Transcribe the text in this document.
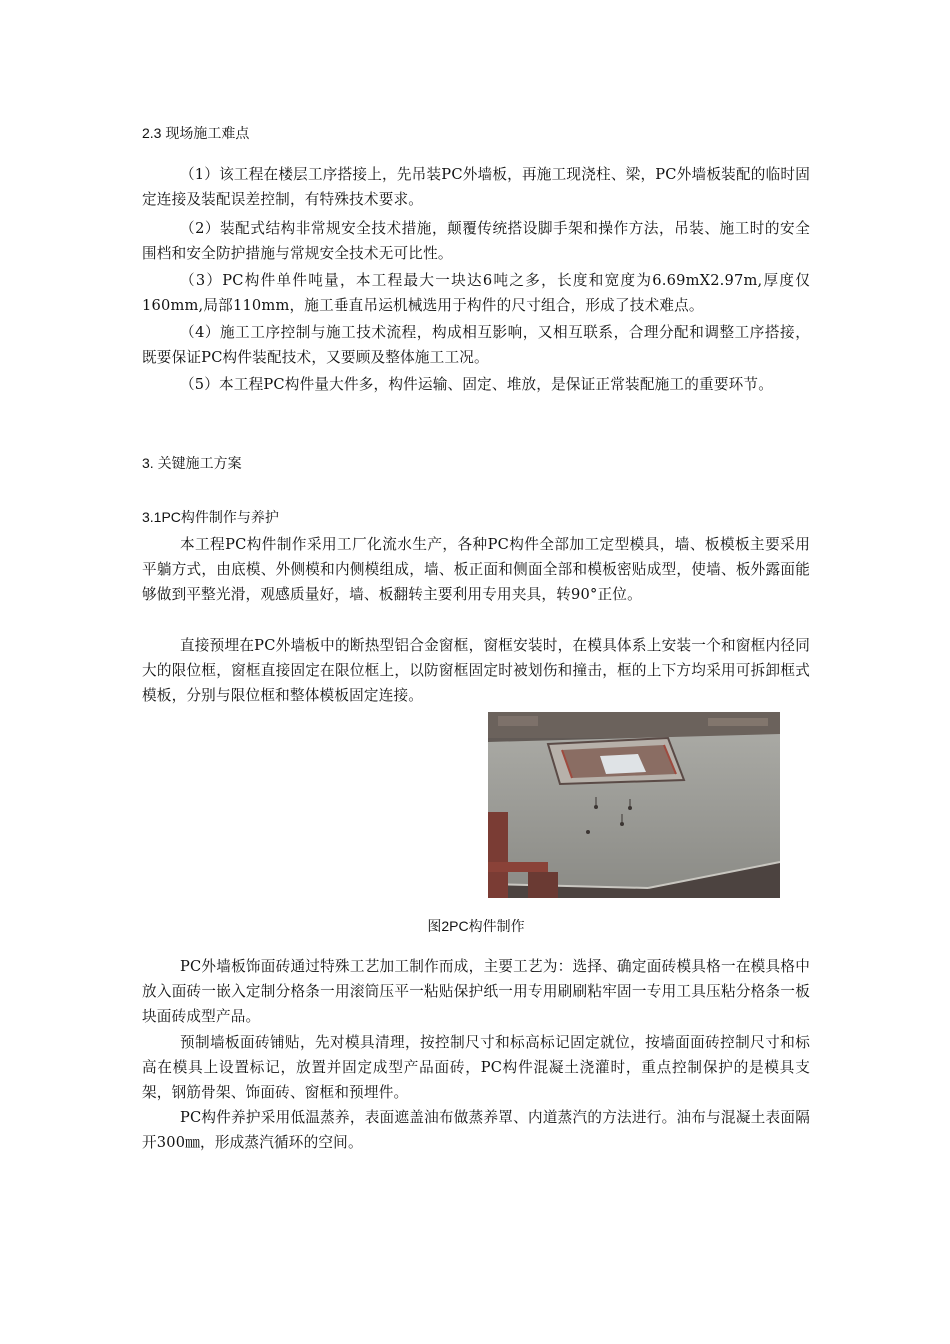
2.3 现场施工难点
（1）该工程在楼层工序搭接上，先吊装PC外墙板，再施工现浇柱、梁，PC外墙板装配的临时固定连接及装配误差控制，有特殊技术要求。
（2）装配式结构非常规安全技术措施，颠覆传统搭设脚手架和操作方法，吊装、施工时的安全围档和安全防护措施与常规安全技术无可比性。
（3）PC构件单件吨量，本工程最大一块达6吨之多，长度和宽度为6.69mX2.97m,厚度仅160mm,局部110mm，施工垂直吊运机械选用于构件的尺寸组合，形成了技术难点。
（4）施工工序控制与施工技术流程，构成相互影响，又相互联系，合理分配和调整工序搭接，既要保证PC构件装配技术，又要顾及整体施工工况。
（5）本工程PC构件量大件多，构件运输、固定、堆放，是保证正常装配施工的重要环节。
3. 关键施工方案
3.1PC构件制作与养护
本工程PC构件制作采用工厂化流水生产，各种PC构件全部加工定型模具，墙、板模板主要采用平躺方式，由底模、外侧模和内侧模组成，墙、板正面和侧面全部和模板密贴成型，使墙、板外露面能够做到平整光滑，观感质量好，墙、板翻转主要利用专用夹具，转90°正位。
直接预埋在PC外墙板中的断热型铝合金窗框，窗框安装时，在模具体系上安装一个和窗框内径同大的限位框，窗框直接固定在限位框上，以防窗框固定时被划伤和撞击，框的上下方均采用可拆卸框式模板，分别与限位框和整体模板固定连接。
图2PC构件制作
PC外墙板饰面砖通过特殊工艺加工制作而成，主要工艺为：选择、确定面砖模具格一在模具格中放入面砖一嵌入定制分格条一用滚筒压平一粘贴保护纸一用专用刷刷粘牢固一专用工具压粘分格条一板块面砖成型产品。
预制墙板面砖铺贴，先对模具清理，按控制尺寸和标高标记固定就位，按墙面面砖控制尺寸和标高在模具上设置标记，放置并固定成型产品面砖，PC构件混凝土浇灌时，重点控制保护的是模具支架，钢筋骨架、饰面砖、窗框和预埋件。
PC构件养护采用低温蒸养，表面遮盖油布做蒸养罩、内道蒸汽的方法进行。油布与混凝土表面隔开300㎜，形成蒸汽循环的空间。
